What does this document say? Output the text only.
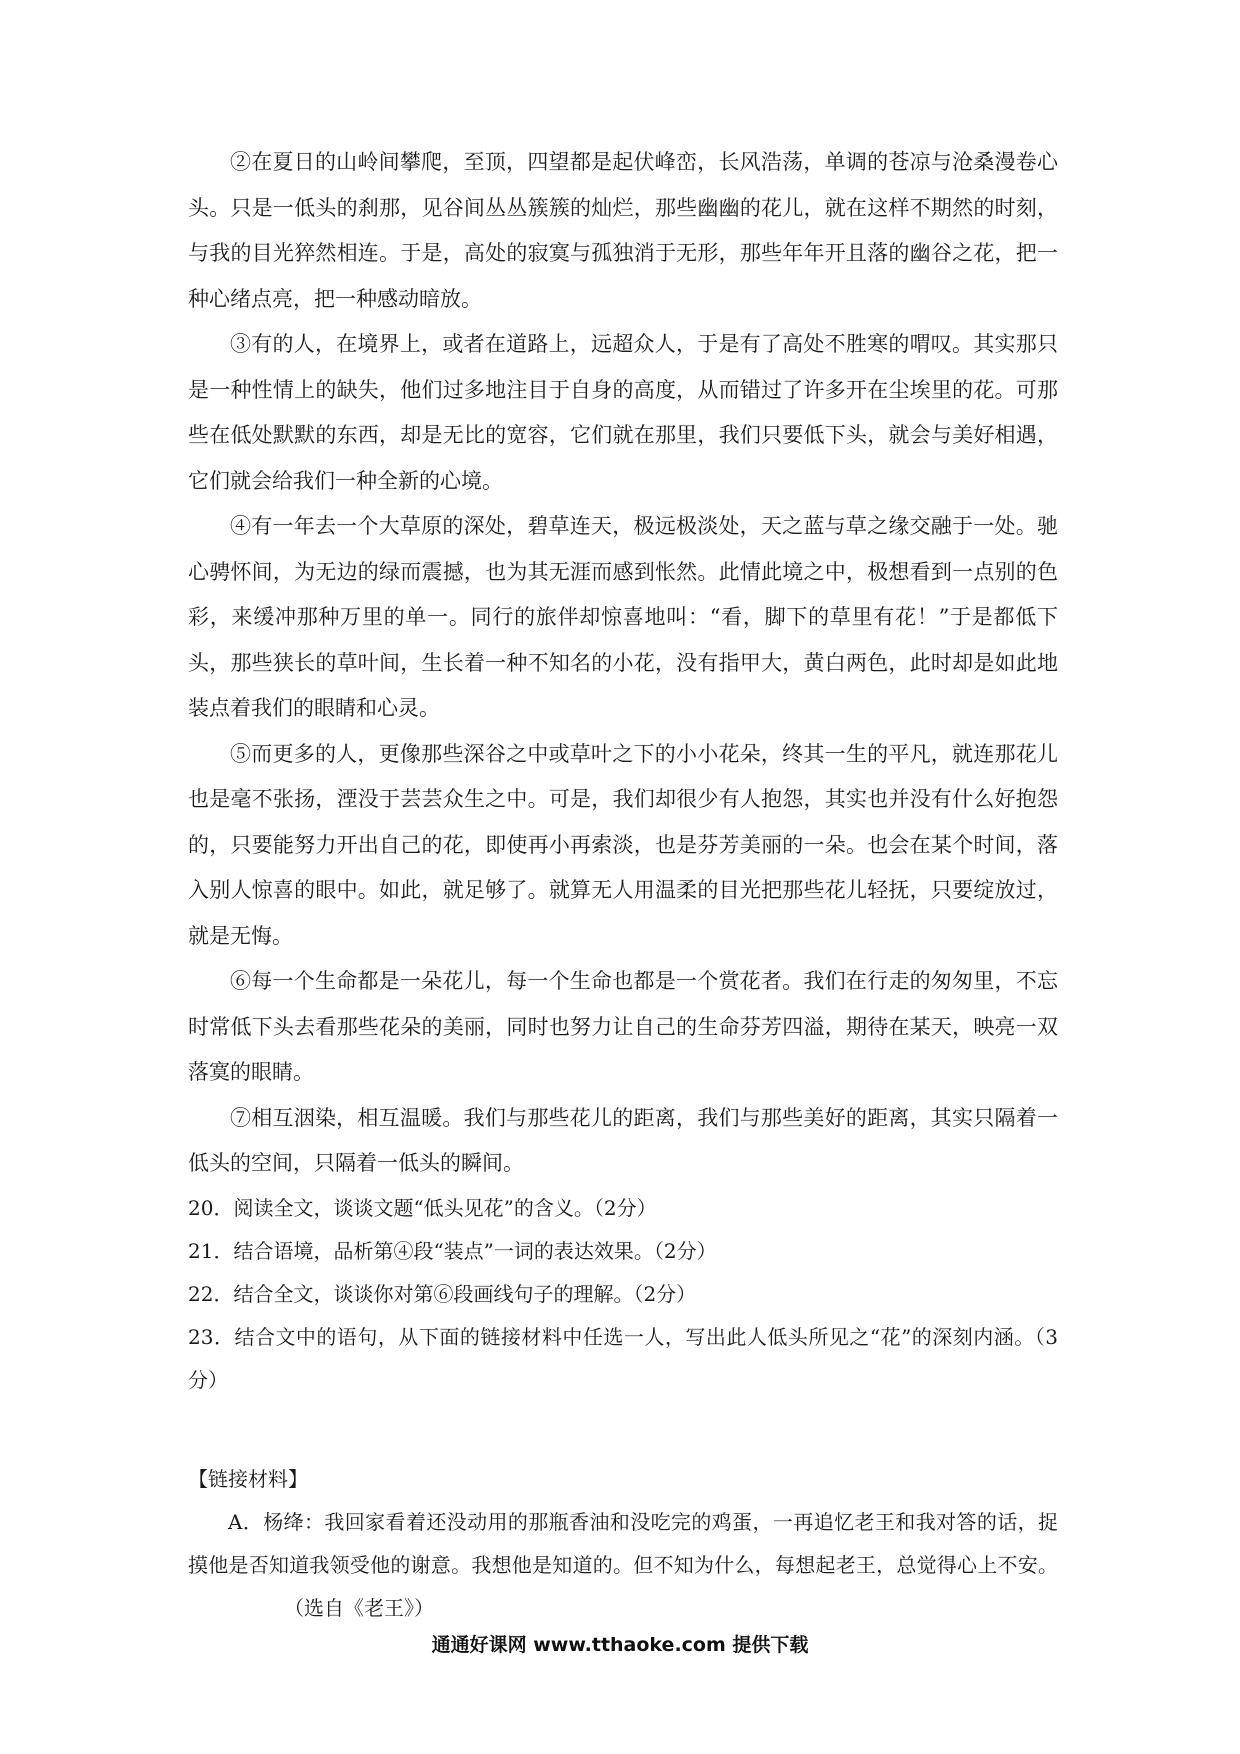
②在夏日的山岭间攀爬，至顶，四望都是起伏峰峦，长风浩荡，单调的苍凉与沧桑漫卷心头。只是一低头的刹那，见谷间丛丛簇簇的灿烂，那些幽幽的花儿，就在这样不期然的时刻，与我的目光猝然相连。于是，高处的寂寞与孤独消于无形，那些年年开且落的幽谷之花，把一种心绪点亮，把一种感动暗放。

③有的人，在境界上，或者在道路上，远超众人，于是有了高处不胜寒的喟叹。其实那只是一种性情上的缺失，他们过多地注目于自身的高度，从而错过了许多开在尘埃里的花。可那些在低处默默的东西，却是无比的宽容，它们就在那里，我们只要低下头，就会与美好相遇，它们就会给我们一种全新的心境。

④有一年去一个大草原的深处，碧草连天，极远极淡处，天之蓝与草之缘交融于一处。驰心骋怀间，为无边的绿而震撼，也为其无涯而感到怅然。此情此境之中，极想看到一点别的色彩，来缓冲那种万里的单一。同行的旅伴却惊喜地叫：“看，脚下的草里有花！”于是都低下头，那些狭长的草叶间，生长着一种不知名的小花，没有指甲大，黄白两色，此时却是如此地装点着我们的眼睛和心灵。

⑤而更多的人，更像那些深谷之中或草叶之下的小小花朵，终其一生的平凡，就连那花儿也是毫不张扬，湮没于芸芸众生之中。可是，我们却很少有人抱怨，其实也并没有什么好抱怨的，只要能努力开出自己的花，即使再小再索淡，也是芬芳美丽的一朵。也会在某个时间，落入别人惊喜的眼中。如此，就足够了。就算无人用温柔的目光把那些花儿轻抚，只要绽放过，就是无悔。

⑥每一个生命都是一朵花儿，每一个生命也都是一个赏花者。我们在行走的匆匆里，不忘时常低下头去看那些花朵的美丽，同时也努力让自己的生命芬芳四溢，期待在某天，映亮一双落寞的眼睛。

⑦相互洇染，相互温暖。我们与那些花儿的距离，我们与那些美好的距离，其实只隔着一低头的空间，只隔着一低头的瞬间。

20．阅读全文，谈谈文题“低头见花”的含义。（2分）

21．结合语境，品析第④段“装点”一词的表达效果。（2分）

22．结合全文，谈谈你对第⑥段画线句子的理解。（2分）

23．结合文中的语句，从下面的链接材料中任选一人，写出此人低头所见之“花”的深刻内涵。（3分）

【链接材料】

A．杨绛：我回家看着还没动用的那瓶香油和没吃完的鸡蛋，一再追忆老王和我对答的话，捉摸他是否知道我领受他的谢意。我想他是知道的。但不知为什么，每想起老王，总觉得心上不安。（选自《老王》）

通通好课网 www.tthaoke.com 提供下载
